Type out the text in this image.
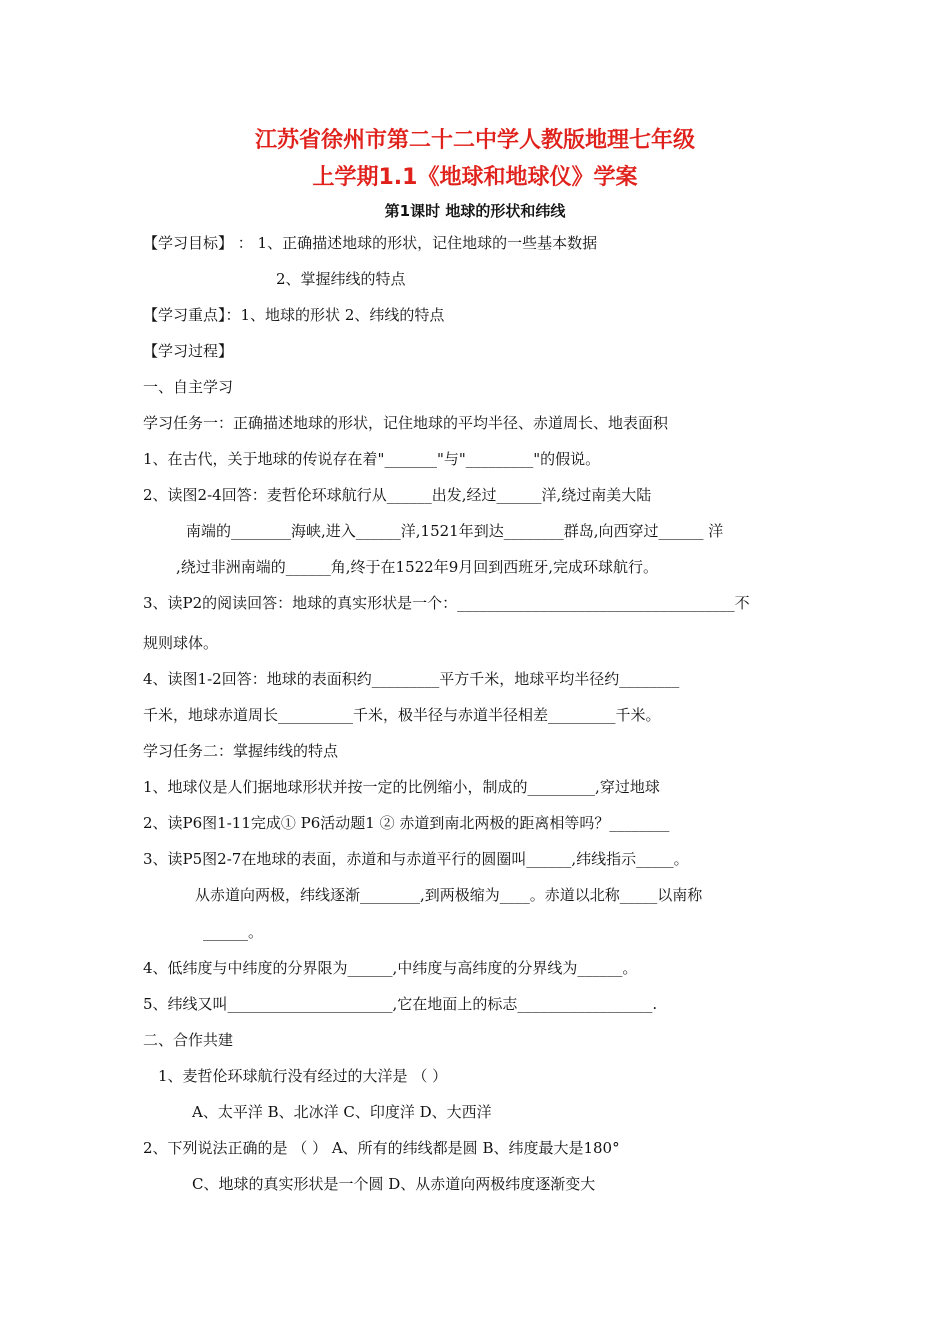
江苏省徐州市第二十二中学人教版地理七年级
上学期1.1《地球和地球仪》学案
第1课时 地球的形状和纬线
【学习目标】 ： 1、正确描述地球的形状，记住地球的一些基本数据
2、掌握纬线的特点
【学习重点】：1、地球的形状 2、纬线的特点
【学习过程】
一、自主学习
学习任务一：正确描述地球的形状，记住地球的平均半径、赤道周长、地表面积
1、在古代，关于地球的传说存在着"_______"与"_________"的假说。
2、读图2-4回答：麦哲伦环球航行从______出发,经过______洋,绕过南美大陆
南端的________海峡,进入______洋,1521年到达________群岛,向西穿过______ 洋
,绕过非洲南端的______角,终于在1522年9月回到西班牙,完成环球航行。
3、读P2的阅读回答：地球的真实形状是一个：_____________________________________不
规则球体。
4、读图1-2回答：地球的表面积约_________平方千米，地球平均半径约________
千米，地球赤道周长__________千米，极半径与赤道半径相差_________千米。
学习任务二：掌握纬线的特点
1、地球仪是人们据地球形状并按一定的比例缩小，制成的_________,穿过地球
2、读P6图1-11完成① P6活动题1 ② 赤道到南北两极的距离相等吗？________
3、读P5图2-7在地球的表面，赤道和与赤道平行的圆圈叫______,纬线指示_____。
从赤道向两极，纬线逐渐________,到两极缩为____。赤道以北称_____以南称
______。
4、低纬度与中纬度的分界限为______,中纬度与高纬度的分界线为______。
5、纬线又叫______________________,它在地面上的标志__________________.
二、合作共建
1、麦哲伦环球航行没有经过的大洋是 （ ）
A、太平洋 B、北冰洋 C、印度洋 D、大西洋
2、下列说法正确的是 （ ） A、所有的纬线都是圆 B、纬度最大是180°
C、地球的真实形状是一个圆 D、从赤道向两极纬度逐渐变大
